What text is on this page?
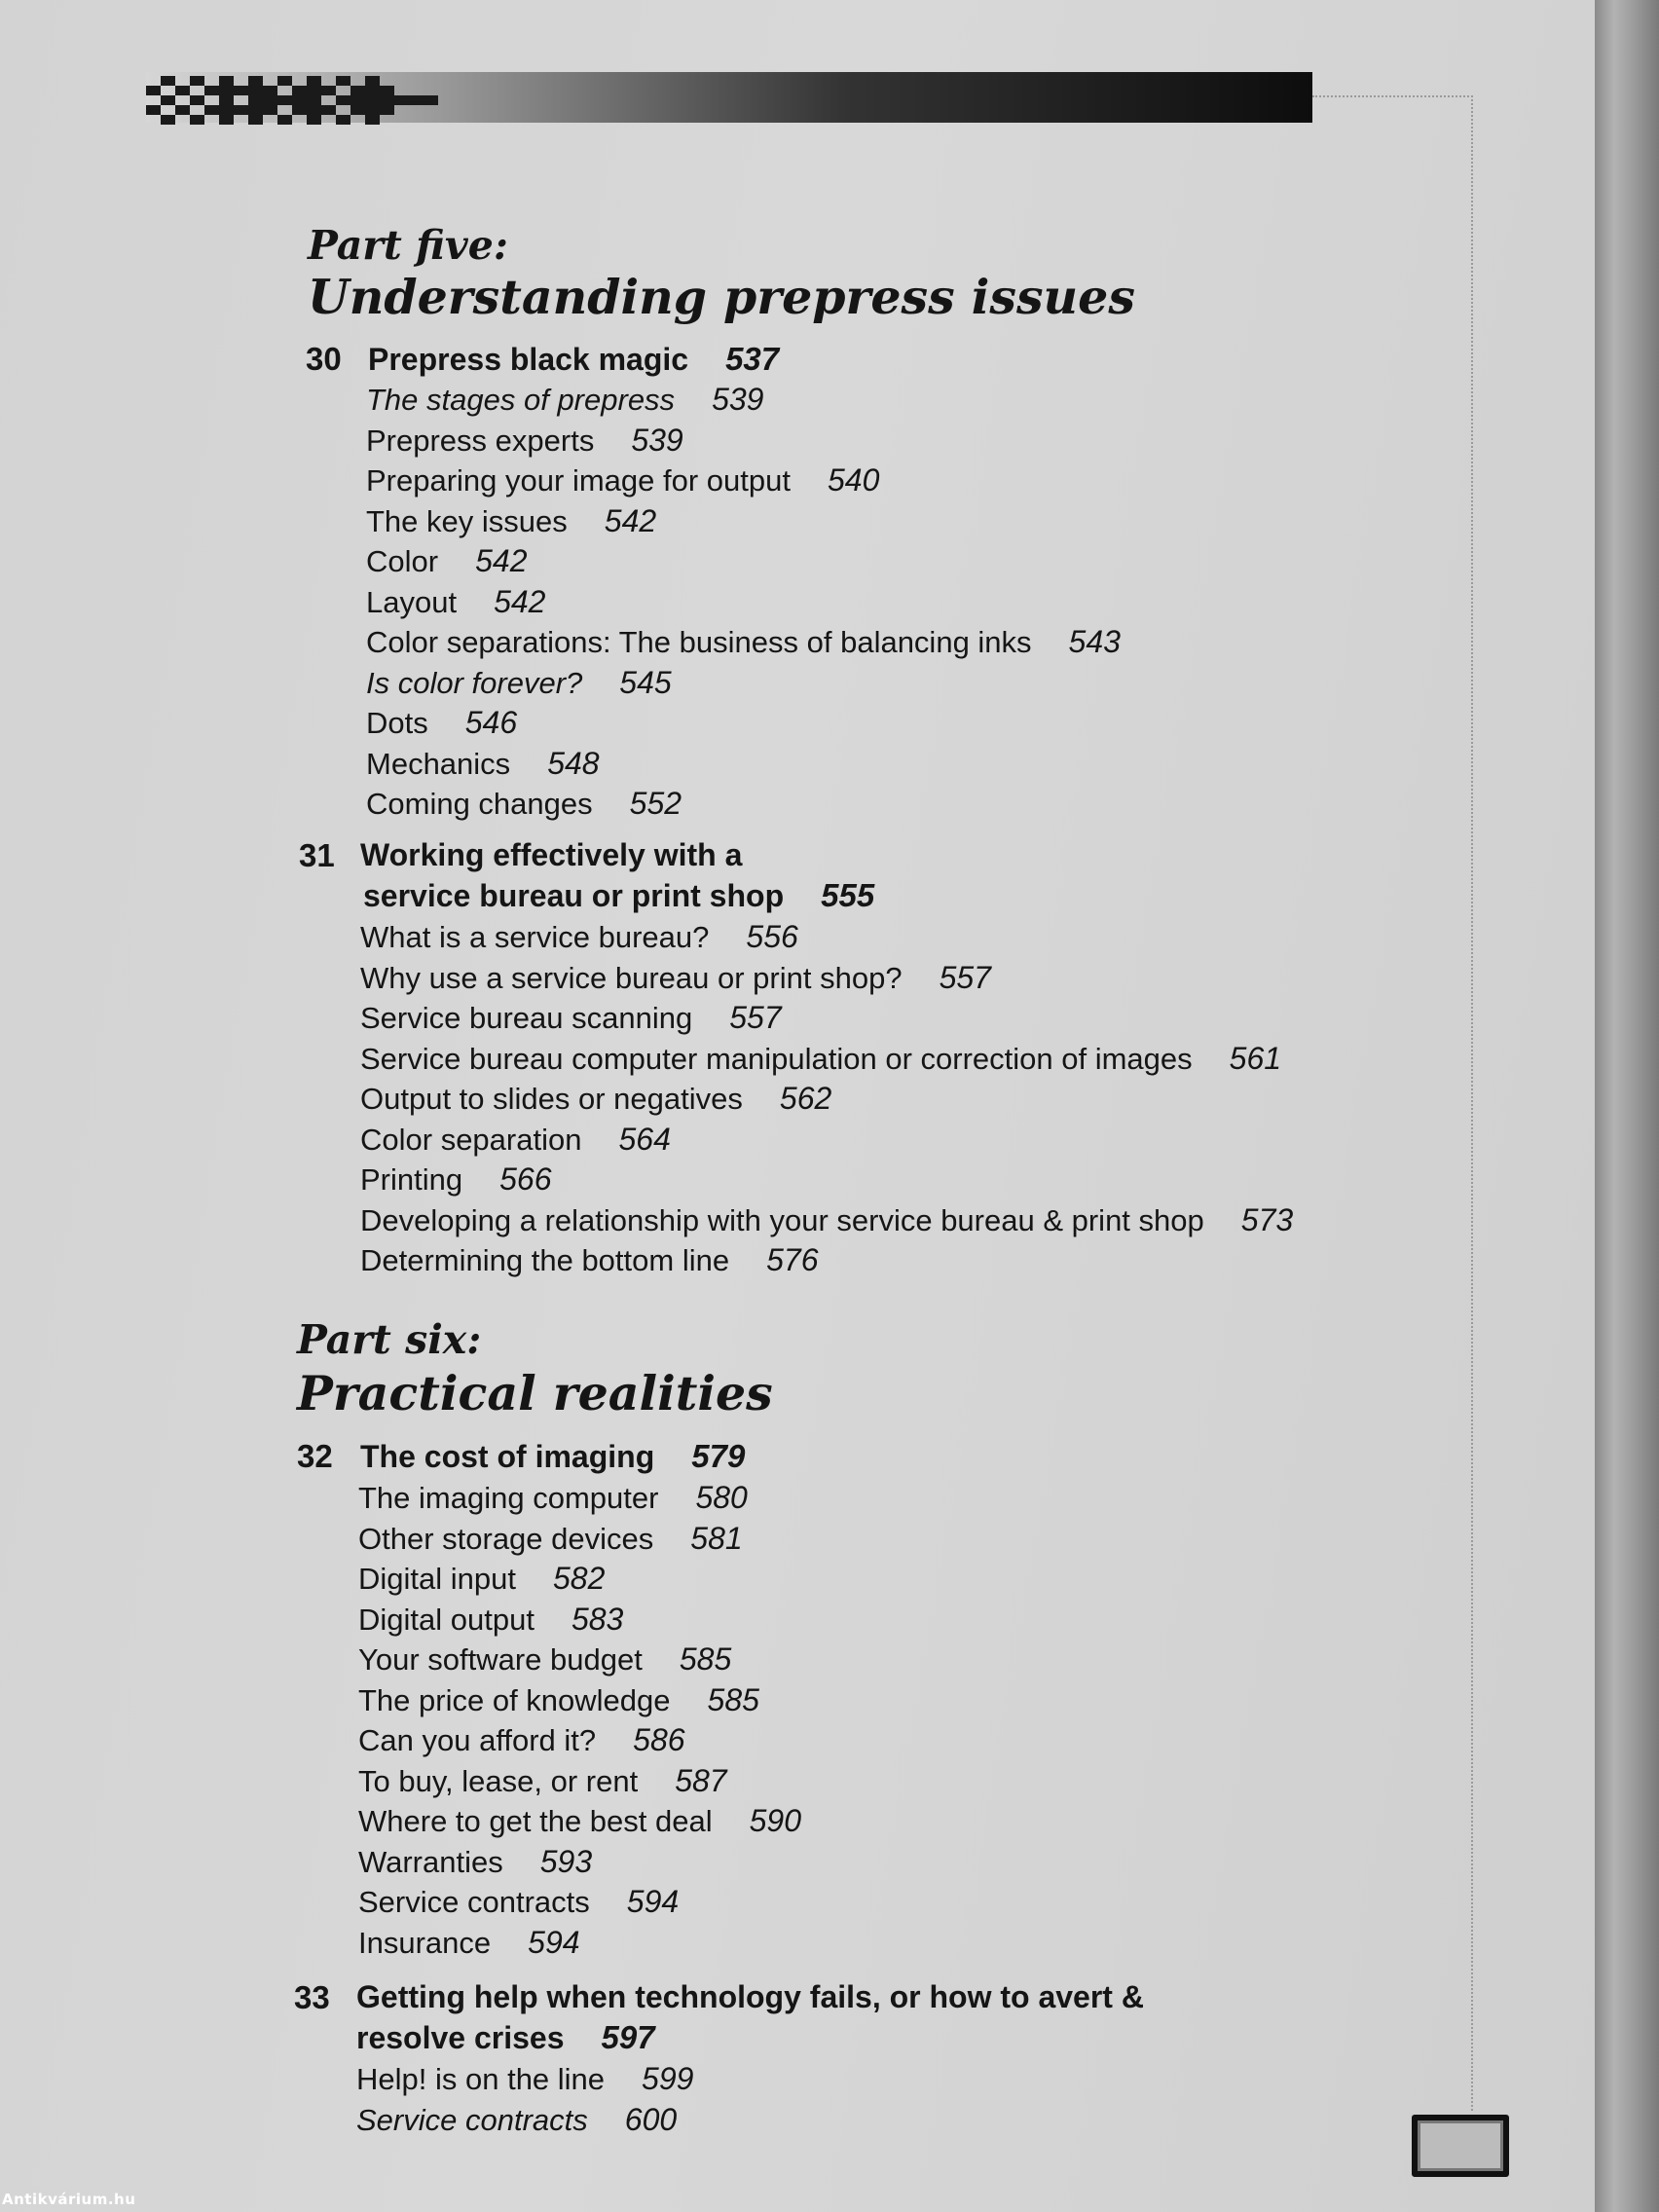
Part five:
Understanding prepress issues
30 Prepress black magic 537
The stages of prepress 539
Prepress experts 539
Preparing your image for output 540
The key issues 542
Color 542
Layout 542
Color separations: The business of balancing inks 543
Is color forever? 545
Dots 546
Mechanics 548
Coming changes 552
31 Working effectively with a
service bureau or print shop 555
What is a service bureau? 556
Why use a service bureau or print shop? 557
Service bureau scanning 557
Service bureau computer manipulation or correction of images 561
Output to slides or negatives 562
Color separation 564
Printing 566
Developing a relationship with your service bureau & print shop 573
Determining the bottom line 576
Part six:
Practical realities
32 The cost of imaging 579
The imaging computer 580
Other storage devices 581
Digital input 582
Digital output 583
Your software budget 585
The price of knowledge 585
Can you afford it? 586
To buy, lease, or rent 587
Where to get the best deal 590
Warranties 593
Service contracts 594
Insurance 594
33 Getting help when technology fails, or how to avert &
resolve crises 597
Help! is on the line 599
Service contracts 600
Antikvárium.hu
